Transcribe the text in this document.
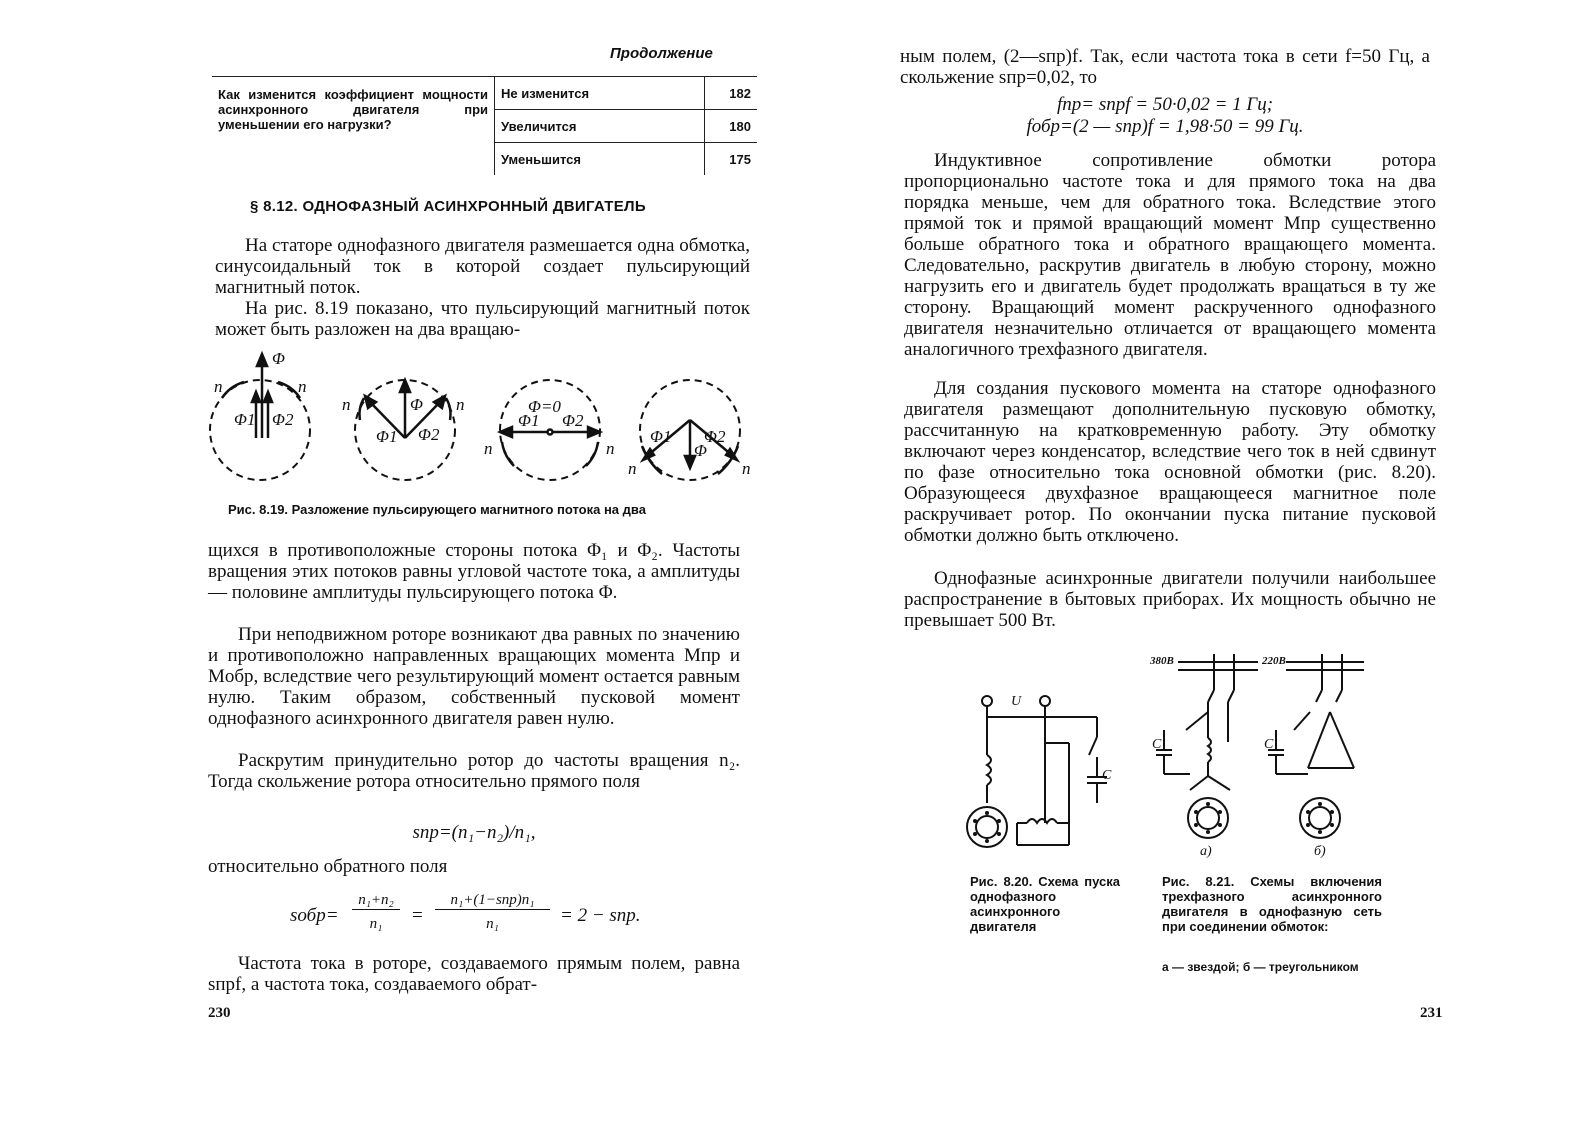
Продолжение
Как изменится коэффициент мощности асинхронного двигателя при уменьшении его нагрузки?	Не изменится	182
	Увеличится	180
	Уменьшится	175
§ 8.12. ОДНОФАЗНЫЙ АСИНХРОННЫЙ ДВИГАТЕЛЬ
На статоре однофазного двигателя размешается одна обмотка, синусоидальный ток в которой создает пульсирующий магнитный поток.
На рис. 8.19 показано, что пульсирующий магнитный поток может быть разложен на два вращаю-
Φ
n	n
Φ1 Φ2
n	n
Φ1 Φ2
Φ	Φ=0
Φ1 Φ2
n	n
Φ1 Φ2
Φ
n	n
Рис. 8.19. Разложение пульсирующего магнитного потока на два
щихся в противоположные стороны потока Φ₁ и Φ₂. Частоты вращения этих потоков равны угловой частоте тока, а амплитуды — половине амплитуды пульсирующего потока Φ.
При неподвижном роторе возникают два равных по значению и противоположно направленных вращающих момента Mпр и Mобр, вследствие чего результирующий момент остается равным нулю. Таким образом, собственный пусковой момент однофазного асинхронного двигателя равен нулю.
Раскрутим принудительно ротор до частоты вращения n₂. Тогда скольжение ротора относительно прямого поля
sпр=(n₁−n₂)/n₁,
относительно обратного поля
sобр=
n₁+n₂
n₁	=
n₁+(1−sпр)n₁
n₁	= 2 − sпр.
Частота тока в роторе, создаваемого прямым полем, равна sпрf, а частота тока, создаваемого обрат-
230
ным полем, (2—sпр)f. Так, если частота тока в сети f=50 Гц, а скольжение sпр=0,02, то
fпр= sпрf = 50·0,02 = 1 Гц;
fобр=(2 — sпр)f = 1,98·50 = 99 Гц.
Индуктивное сопротивление обмотки ротора пропорционально частоте тока и для прямого тока на два порядка меньше, чем для обратного тока. Вследствие этого прямой ток и прямой вращающий момент Mпр существенно больше обратного тока и обратного вращающего момента. Следовательно, раскрутив двигатель в любую сторону, можно нагрузить его и двигатель будет продолжать вращаться в ту же сторону. Вращающий момент раскрученного однофазного двигателя незначительно отличается от вращающего момента аналогичного трехфазного двигателя.
Для создания пускового момента на статоре однофазного двигателя размещают дополнительную пусковую обмотку, рассчитанную на кратковременную работу. Эту обмотку включают через конденсатор, вследствие чего ток в ней сдвинут по фазе относительно тока основной обмотки (рис. 8.20). Образующееся двухфазное вращающееся магнитное поле раскручивает ротор. По окончании пуска питание пусковой обмотки должно быть отключено.
Однофазные асинхронные двигатели получили наибольшее распространение в бытовых приборах. Их мощность обычно не превышает 500 Вт.
U
C
380В	220В
C	C
а)	б)
Рис. 8.20. Схема пуска однофазного асинхронного двигателя
Рис. 8.21. Схемы включения трехфазного асинхронного двигателя в однофазную сеть при соединении обмоток:
а — звездой; б — треугольником
231
